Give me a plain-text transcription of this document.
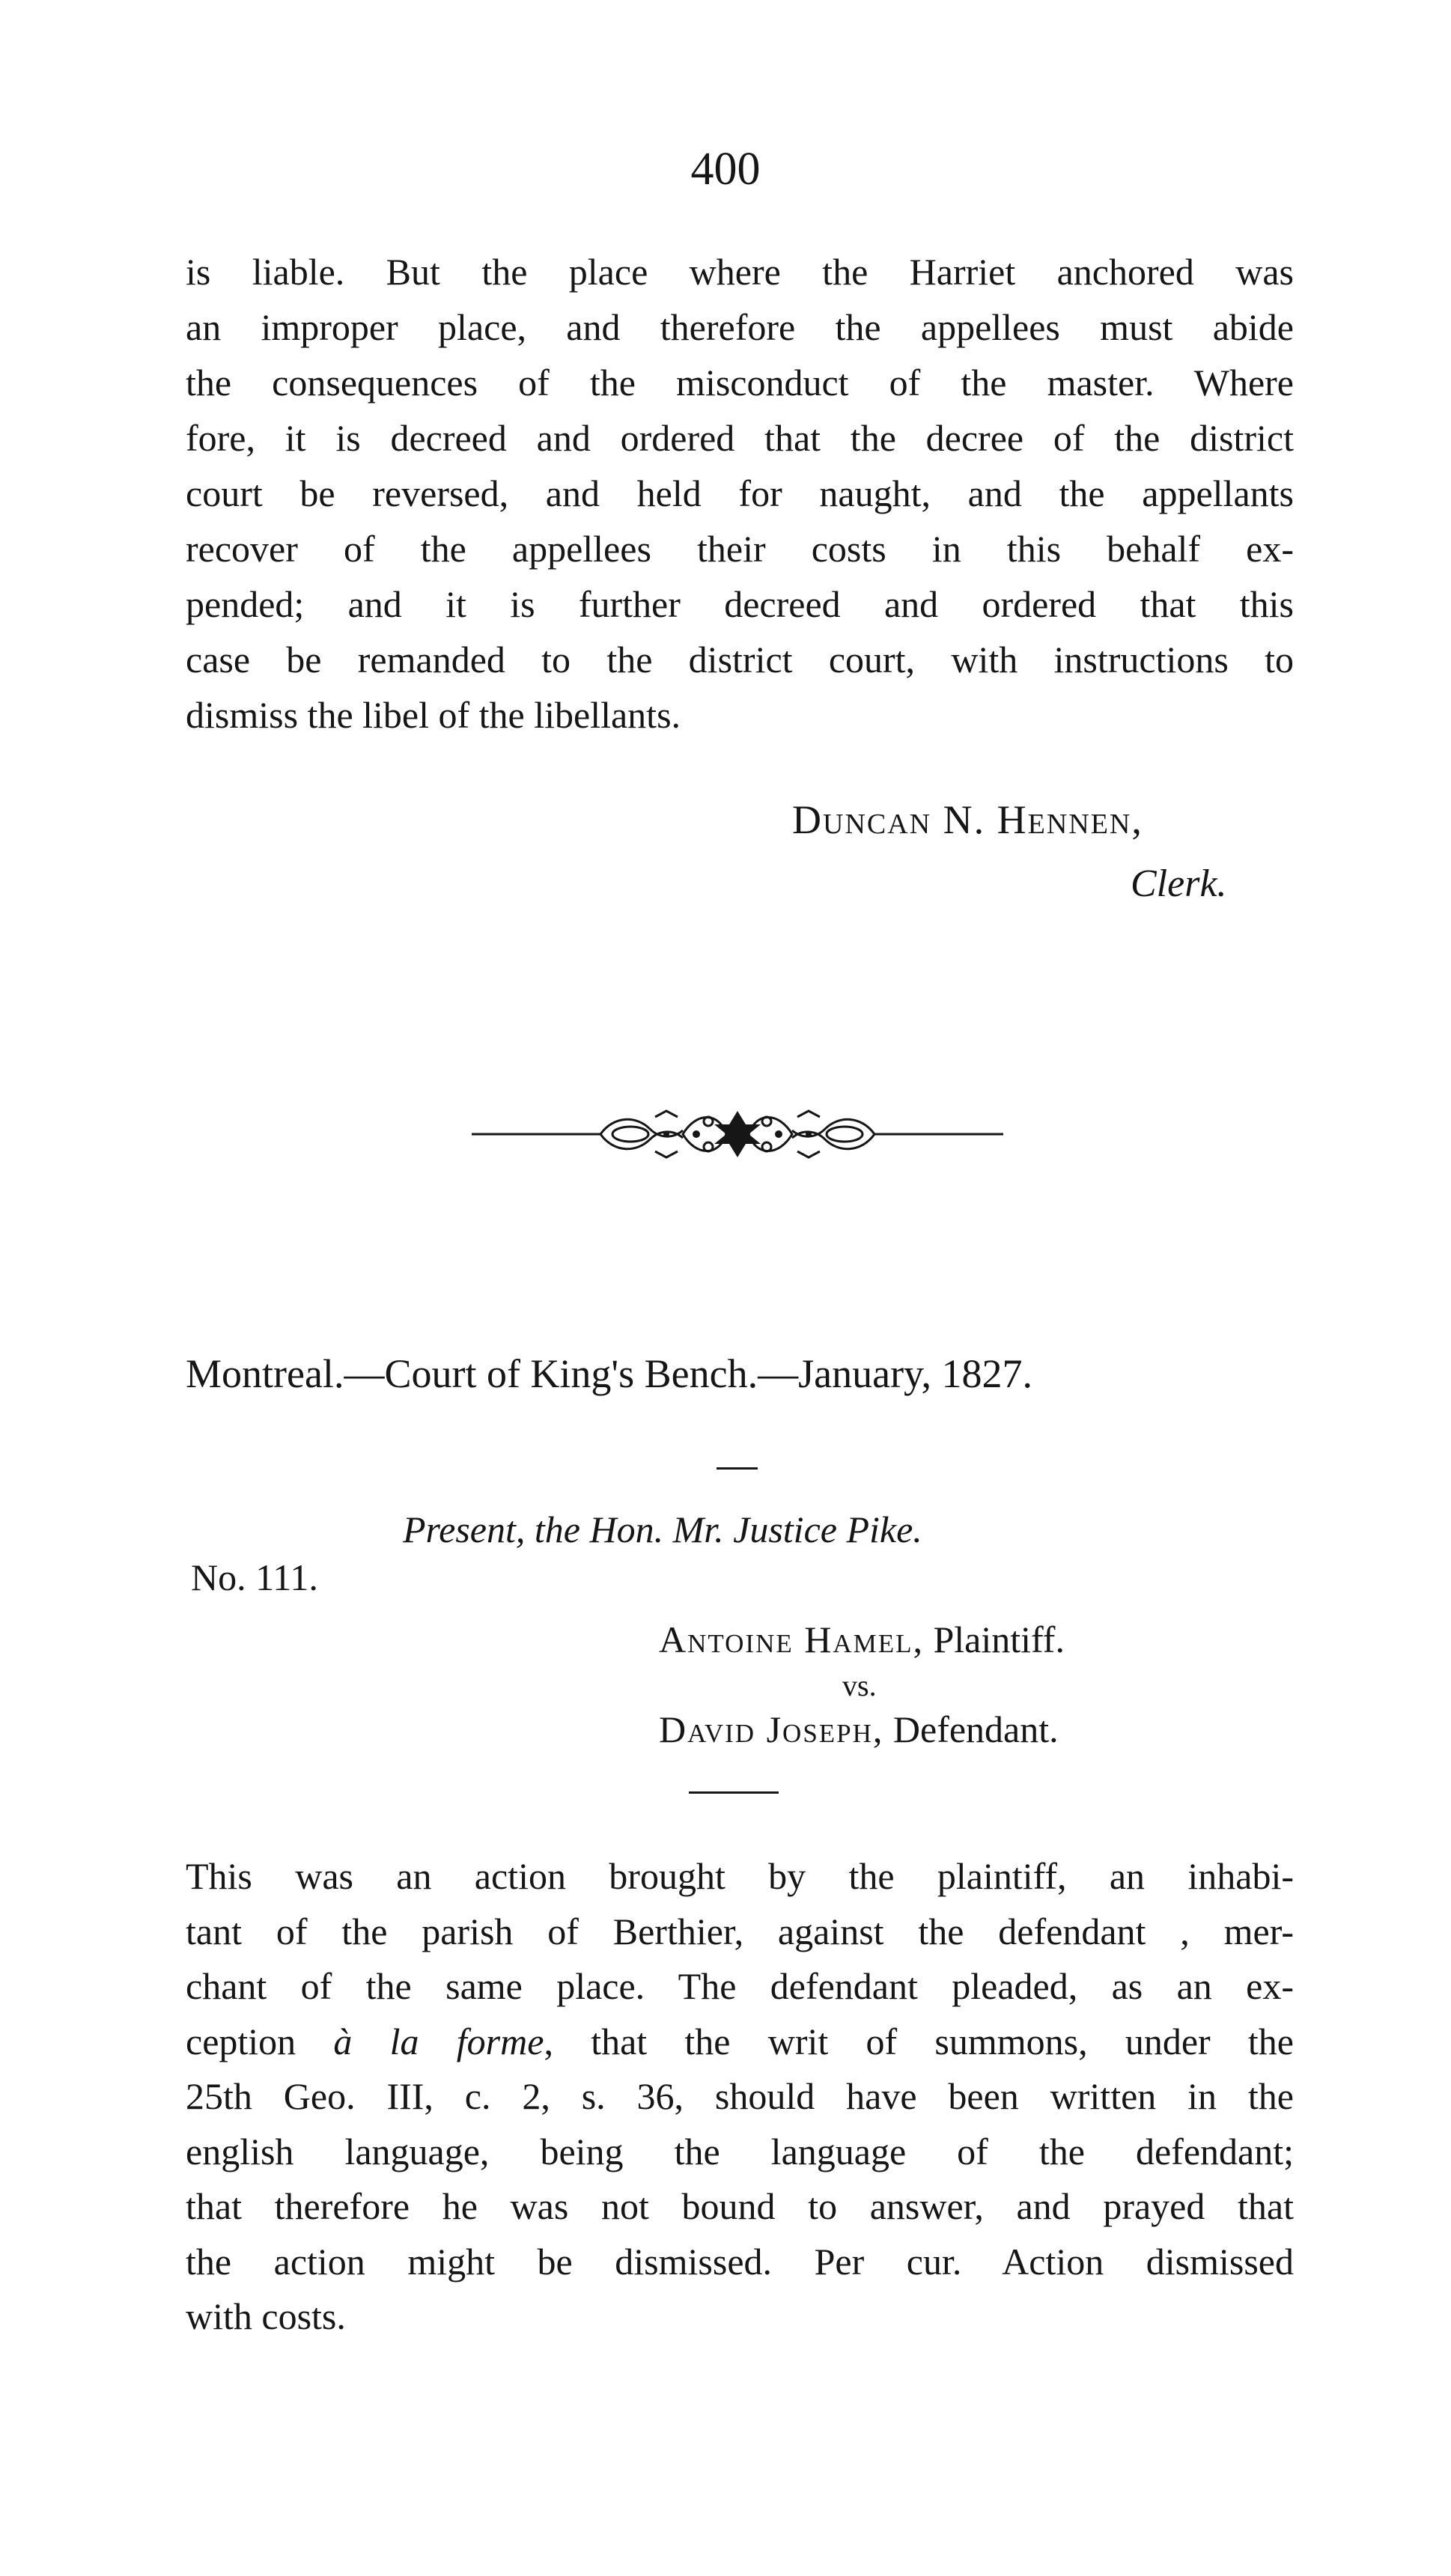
400
is liable. But the place where the Harriet anchored was
an improper place, and therefore the appellees must abide
the consequences of the misconduct of the master. Where
fore, it is decreed and ordered that the decree of the district
court be reversed, and held for naught, and the appellants
recover of the appellees their costs in this behalf ex-
pended; and it is further decreed and ordered that this
case be remanded to the district court, with instructions to
dismiss the libel of the libellants.
Duncan N. Hennen,
Clerk.
Montreal.—Court of King's Bench.—January, 1827.
Present, the Hon. Mr. Justice Pike.
No. 111.
Antoine Hamel, Plaintiff.
vs.
David Joseph, Defendant.
This was an action brought by the plaintiff, an inhabi-
tant of the parish of Berthier, against the defendant , mer-
chant of the same place. The defendant pleaded, as an ex-
ception à la forme, that the writ of summons, under the
25th Geo. III, c. 2, s. 36, should have been written in the
english language, being the language of the defendant;
that therefore he was not bound to answer, and prayed that
the action might be dismissed. Per cur. Action dismissed
with costs.
